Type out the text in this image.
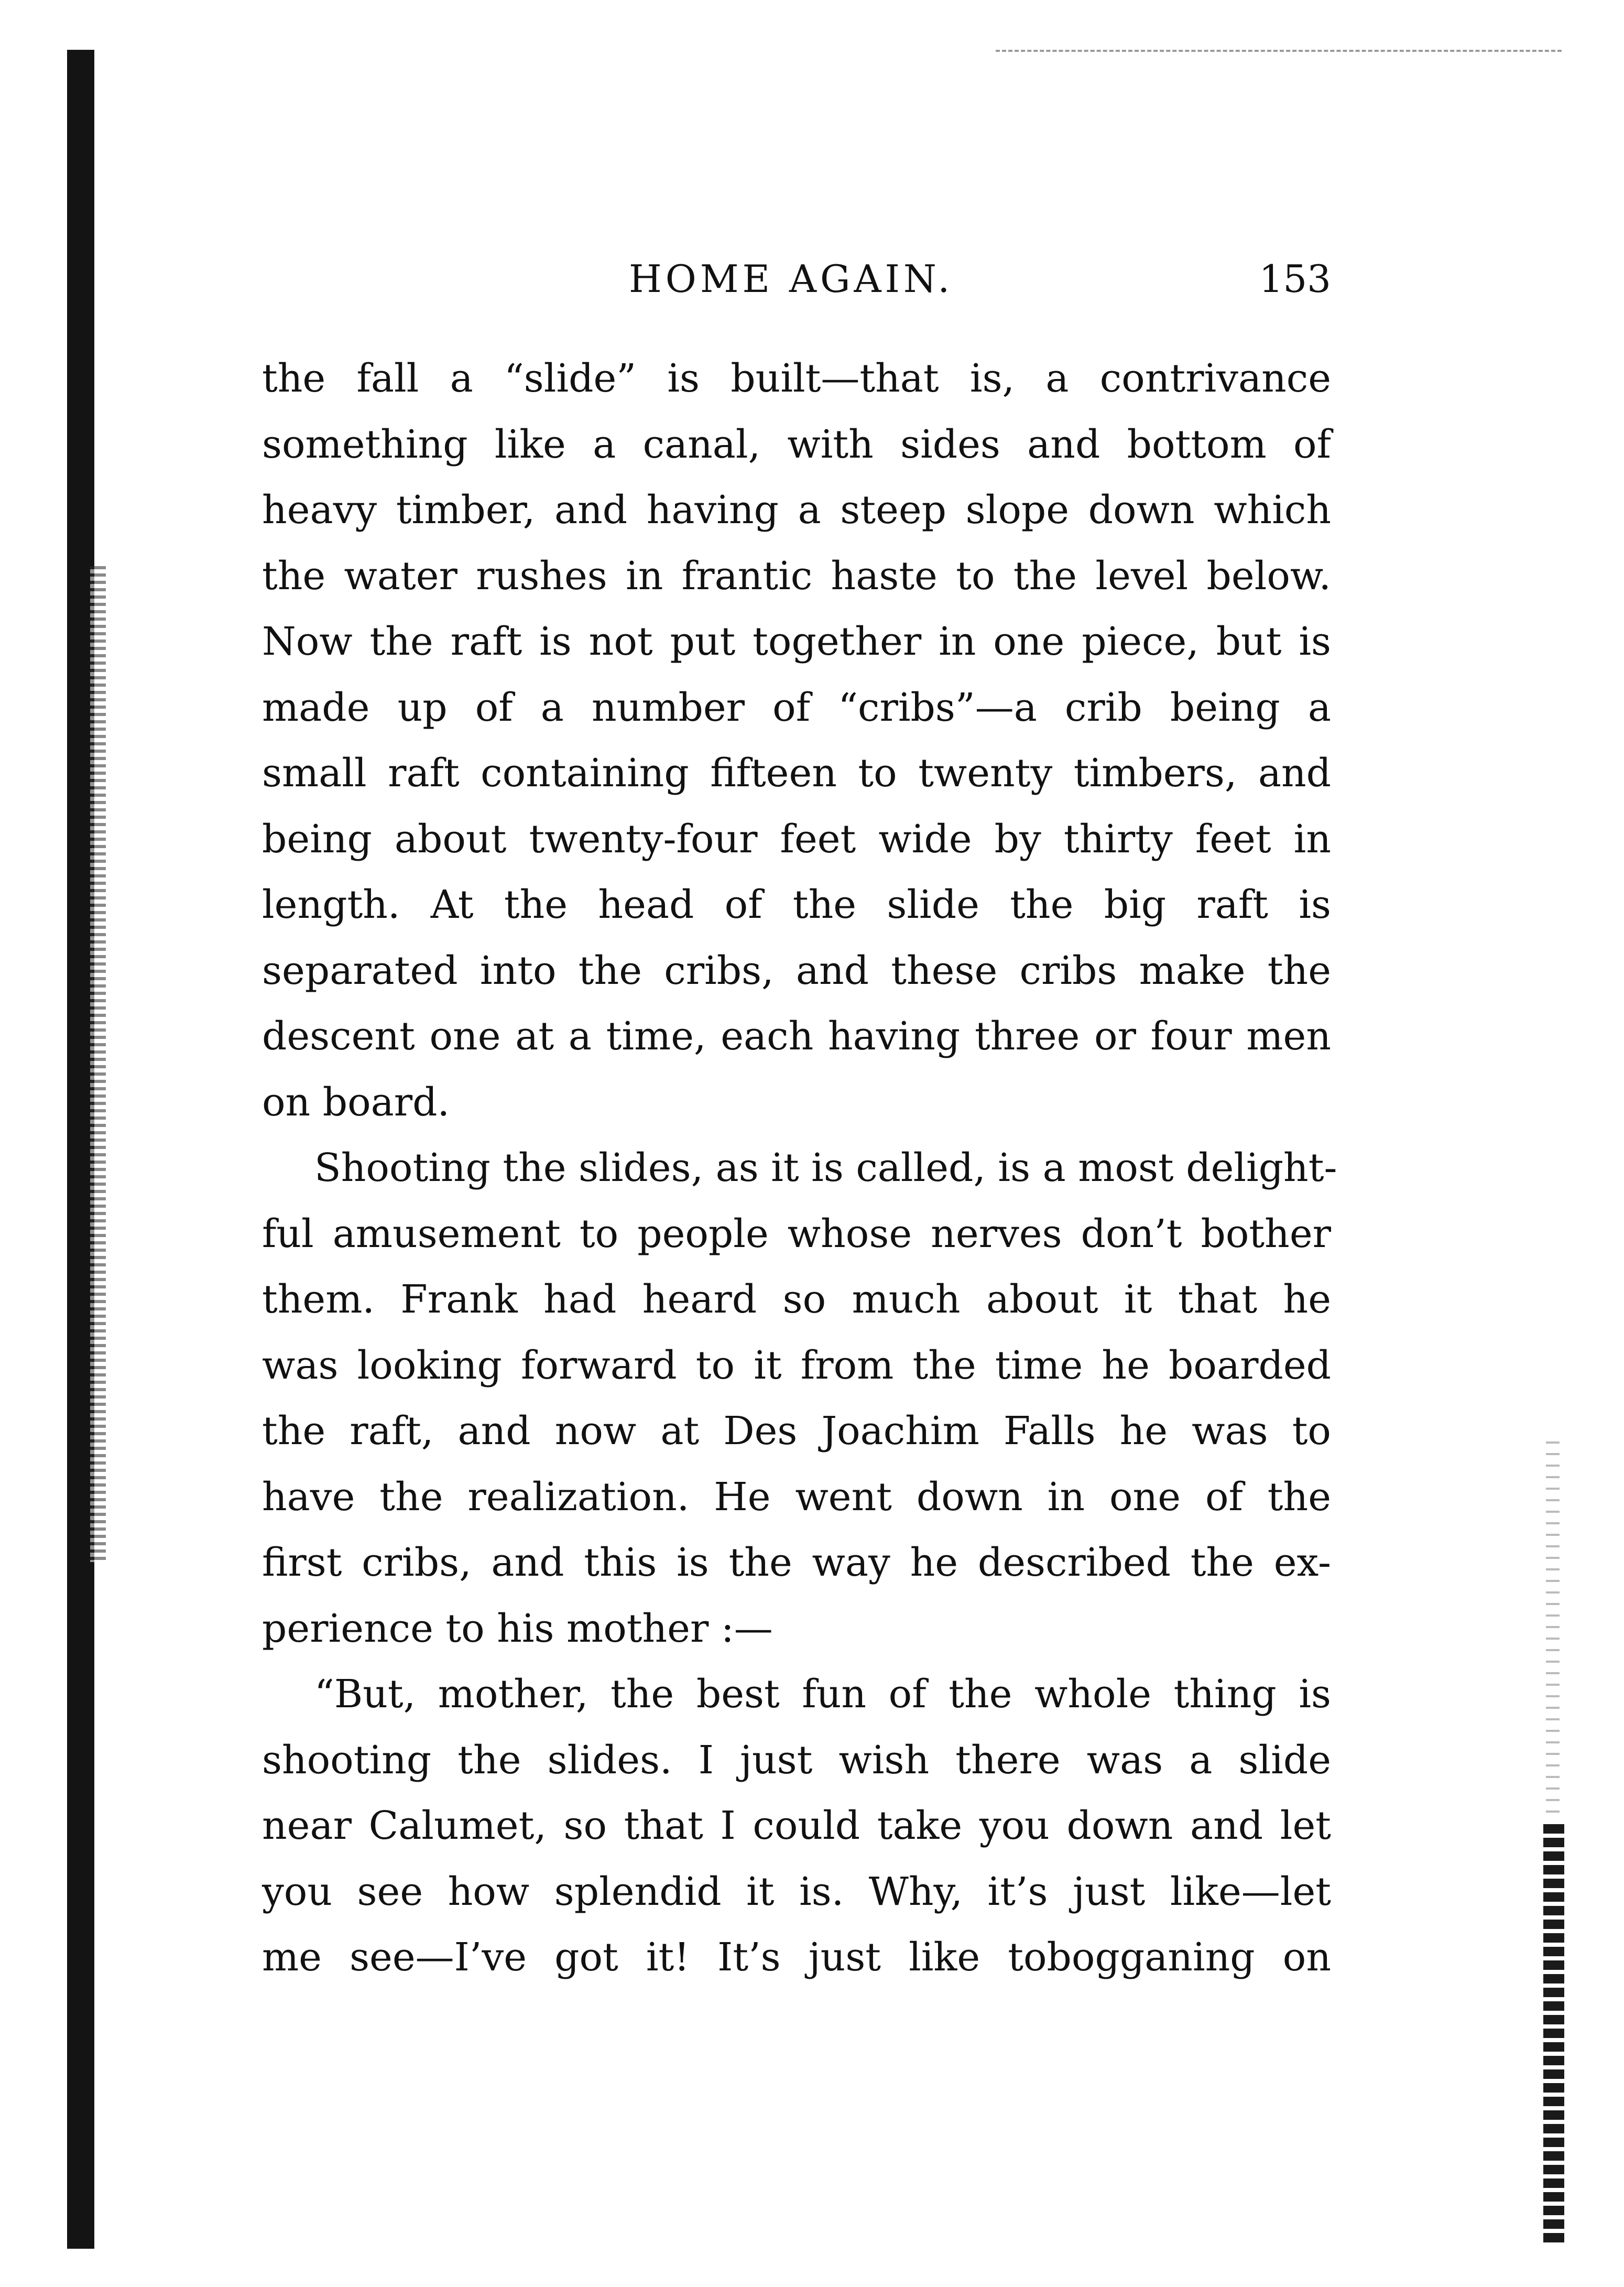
HOME AGAIN.	153
the fall a “slide” is built—that is, a contrivance
something like a canal, with sides and bottom of
heavy timber, and having a steep slope down which
the water rushes in frantic haste to the level below.
Now the raft is not put together in one piece, but is
made up of a number of “cribs”—a crib being a
small raft containing fifteen to twenty timbers, and
being about twenty-four feet wide by thirty feet in
length. At the head of the slide the big raft is
separated into the cribs, and these cribs make the
descent one at a time, each having three or four men
on board.
Shooting the slides, as it is called, is a most delight-
ful amusement to people whose nerves don’t bother
them. Frank had heard so much about it that he
was looking forward to it from the time he boarded
the raft, and now at Des Joachim Falls he was to
have the realization. He went down in one of the
first cribs, and this is the way he described the ex-
perience to his mother :—
“But, mother, the best fun of the whole thing is
shooting the slides. I just wish there was a slide
near Calumet, so that I could take you down and let
you see how splendid it is. Why, it’s just like—let
me see—I’ve got it! It’s just like tobogganing on
